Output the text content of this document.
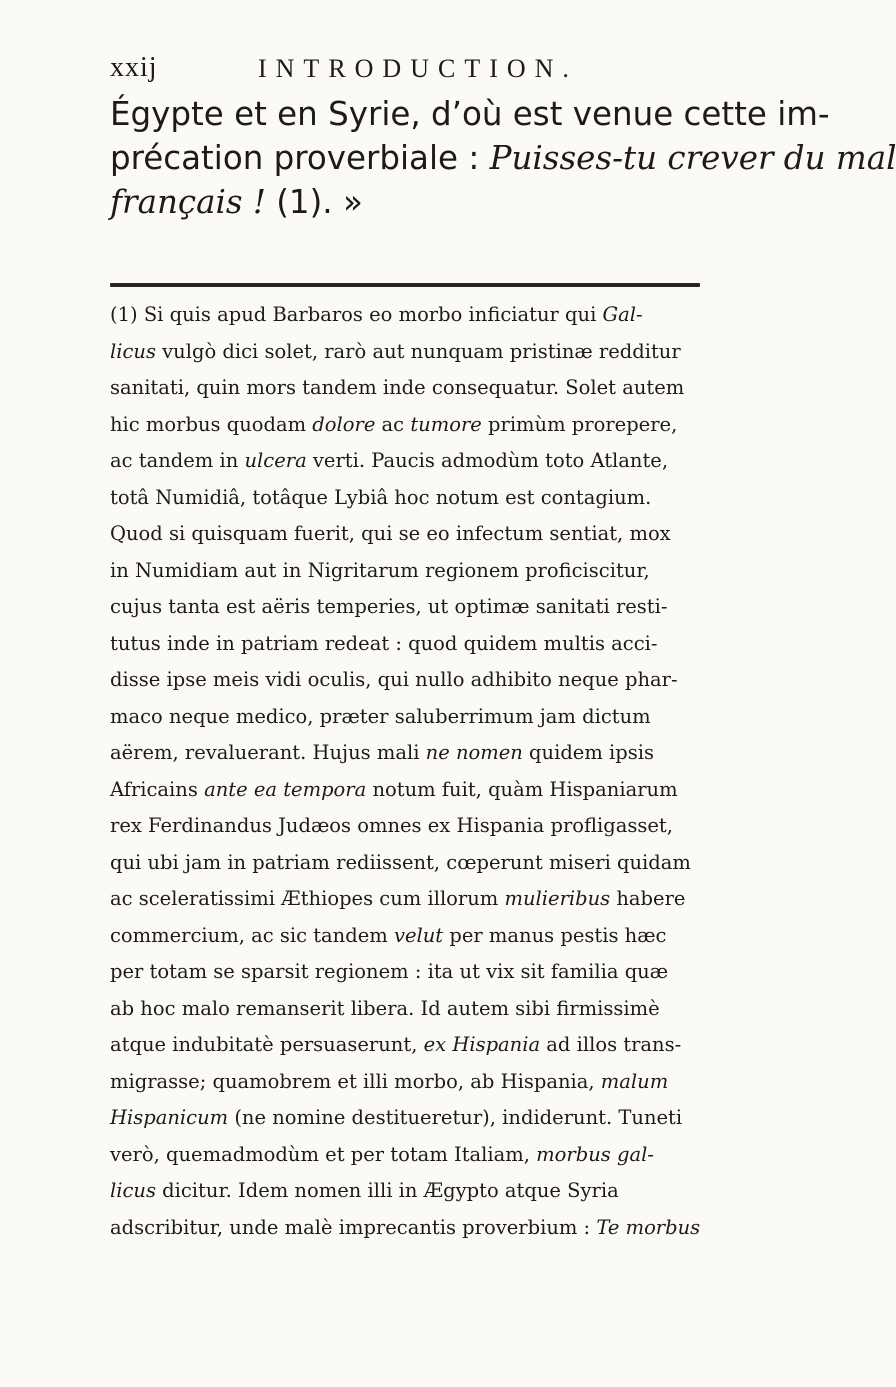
xxij	INTRODUCTION.
Égypte et en Syrie, d’où est venue cette im-
précation proverbiale : Puisses-tu crever du mal
français ! (1). »
(1) Si quis apud Barbaros eo morbo inficiatur qui Gal-
licus vulgò dici solet, rarò aut nunquam pristinæ redditur
sanitati, quin mors tandem inde consequatur. Solet autem
hic morbus quodam dolore ac tumore primùm prorepere,
ac tandem in ulcera verti. Paucis admodùm toto Atlante,
totâ Numidiâ, totâque Lybiâ hoc notum est contagium.
Quod si quisquam fuerit, qui se eo infectum sentiat, mox
in Numidiam aut in Nigritarum regionem proficiscitur,
cujus tanta est aëris temperies, ut optimæ sanitati resti-
tutus inde in patriam redeat : quod quidem multis acci-
disse ipse meis vidi oculis, qui nullo adhibito neque phar-
maco neque medico, præter saluberrimum jam dictum
aërem, revaluerant. Hujus mali ne nomen quidem ipsis
Africains ante ea tempora notum fuit, quàm Hispaniarum
rex Ferdinandus Judæos omnes ex Hispania profligasset,
qui ubi jam in patriam rediissent, cœperunt miseri quidam
ac sceleratissimi Æthiopes cum illorum mulieribus habere
commercium, ac sic tandem velut per manus pestis hæc
per totam se sparsit regionem : ita ut vix sit familia quæ
ab hoc malo remanserit libera. Id autem sibi firmissimè
atque indubitatè persuaserunt, ex Hispania ad illos trans-
migrasse; quamobrem et illi morbo, ab Hispania, malum
Hispanicum (ne nomine destitueretur), indiderunt. Tuneti
verò, quemadmodùm et per totam Italiam, morbus gal-
licus dicitur. Idem nomen illi in Ægypto atque Syria
adscribitur, unde malè imprecantis proverbium : Te morbus
